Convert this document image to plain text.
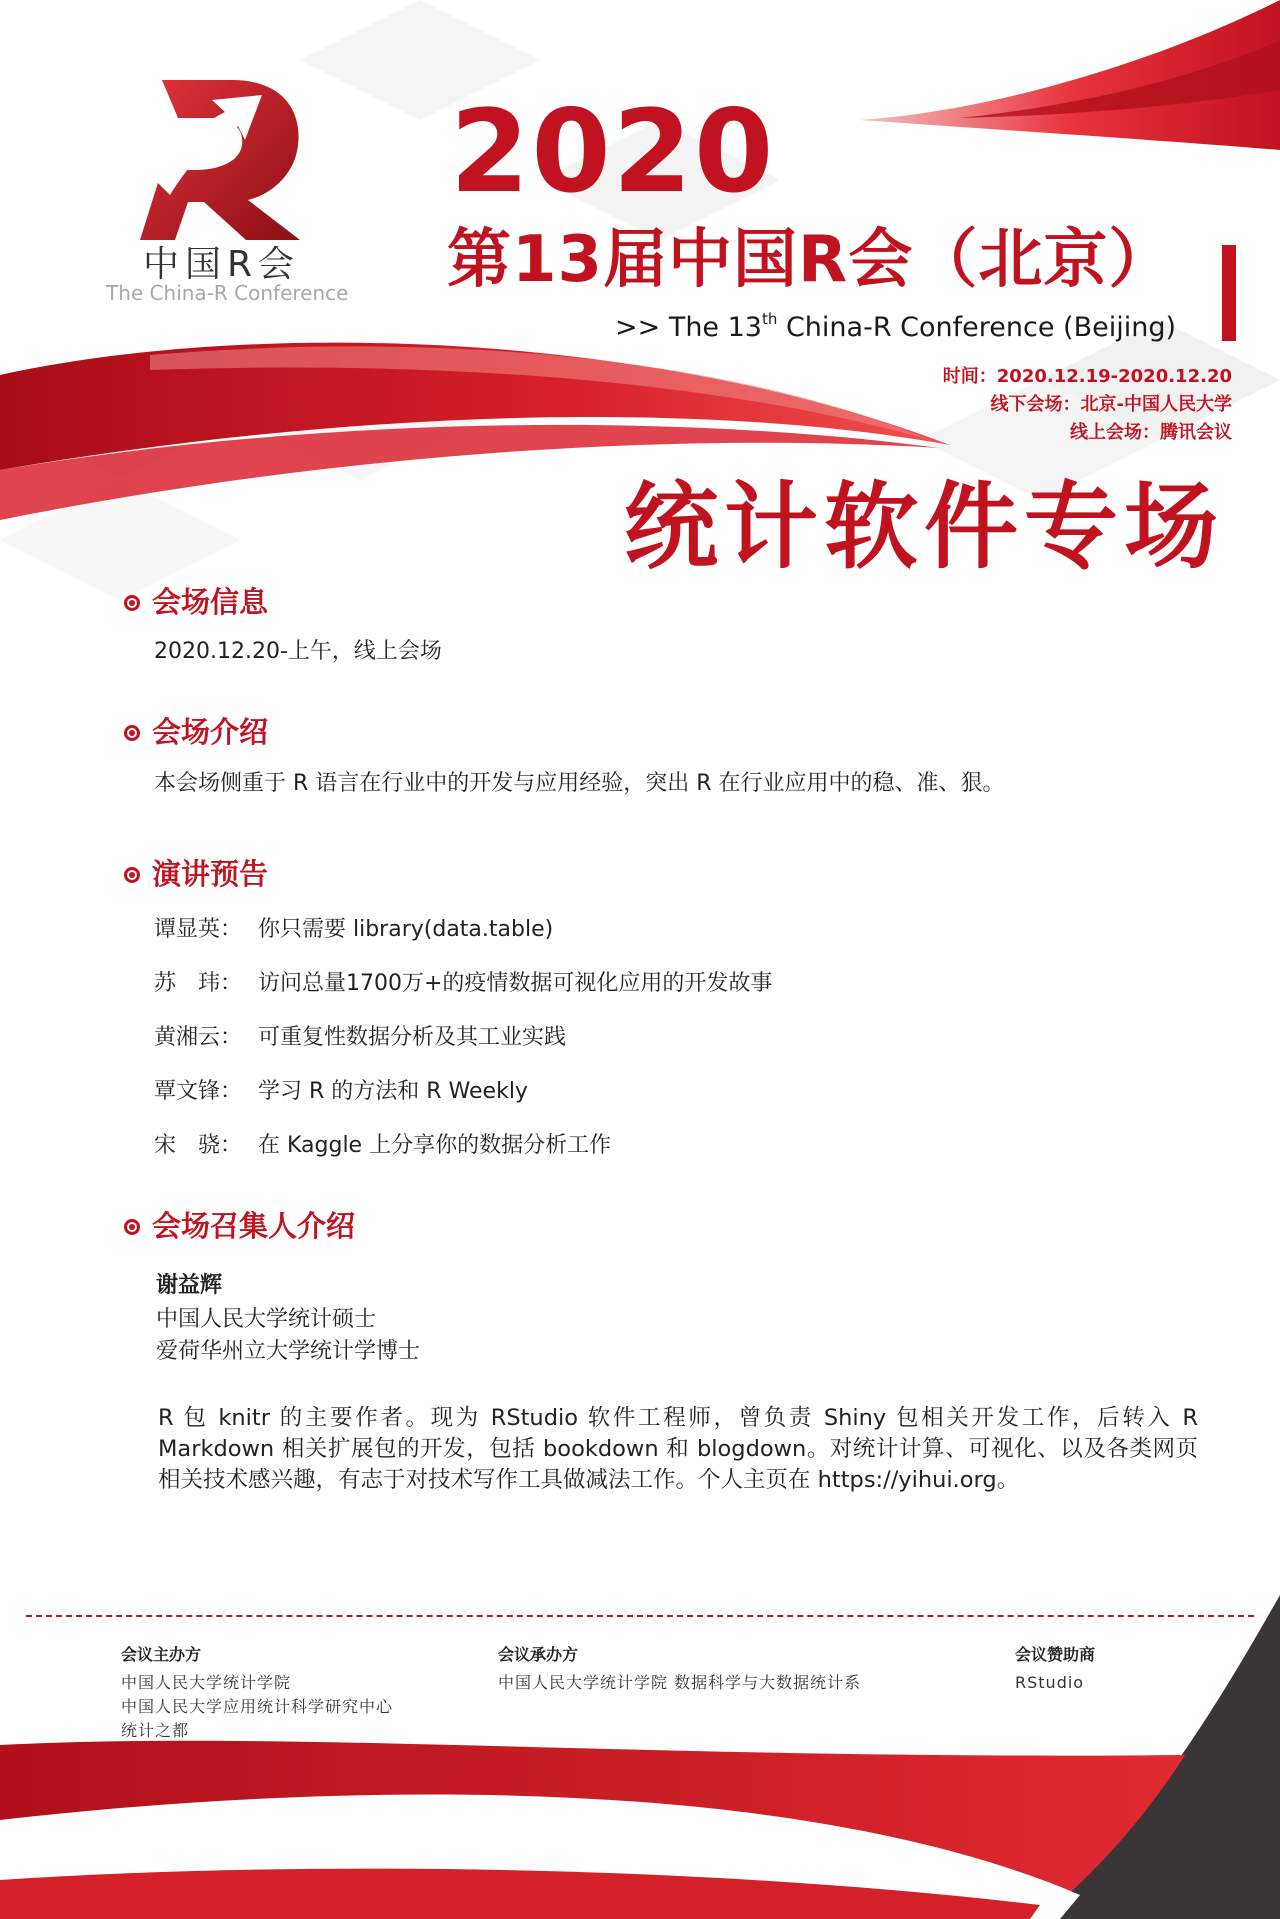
中国R会
The China-R Conference
2020
第13届中国R会（北京）
>> The 13th China-R Conference (Beijing)
时间：2020.12.19-2020.12.20
线下会场：北京-中国人民大学
线上会场：腾讯会议
统计软件专场
会场信息
2020.12.20-上午，线上会场
会场介绍
本会场侧重于 R 语言在行业中的开发与应用经验，突出 R 在行业应用中的稳、准、狠。
演讲预告
谭显英： 你只需要 library(data.table)
苏　玮： 访问总量1700万+的疫情数据可视化应用的开发故事
黄湘云： 可重复性数据分析及其工业实践
覃文锋： 学习 R 的方法和 R Weekly
宋　骁： 在 Kaggle 上分享你的数据分析工作
会场召集人介绍
谢益辉
中国人民大学统计硕士
爱荷华州立大学统计学博士
R 包 knitr 的主要作者。现为 RStudio 软件工程师，曾负责 Shiny 包相关开发工作，后转入 R Markdown 相关扩展包的开发，包括 bookdown 和 blogdown。对统计计算、可视化、以及各类网页相关技术感兴趣，有志于对技术写作工具做减法工作。个人主页在 https://yihui.org。
会议主办方
中国人民大学统计学院
中国人民大学应用统计科学研究中心
统计之都
会议承办方
中国人民大学统计学院 数据科学与大数据统计系
会议赞助商
RStudio
